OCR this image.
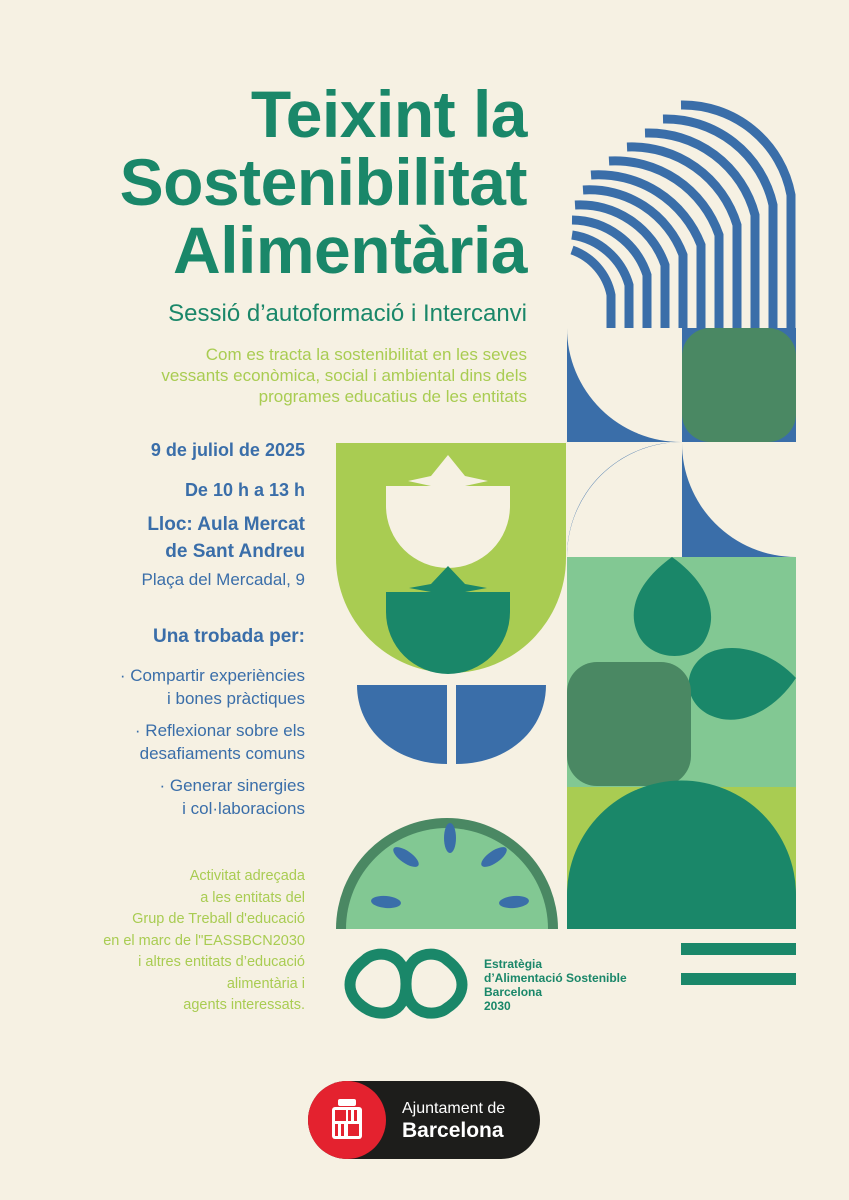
Teixint la
Sostenibilitat
Alimentària
Sessió d’autoformació i Intercanvi
Com es tracta la sostenibilitat en les seves
vessants econòmica, social i ambiental dins dels
programes educatius de les entitats
9 de juliol de 2025
De 10 h a 13 h
Lloc: Aula Mercat
de Sant Andreu
Plaça del Mercadal, 9
Una trobada per:
· Compartir experiències
i bones pràctiques
· Reflexionar sobre els
desafiaments comuns
· Generar sinergies
i col·laboracions
Activitat adreçada
a les entitats del
Grup de Treball d'educació
en el marc de l"EASSBCN2030
i altres entitats d’educació
alimentària i
agents interessats.
Estratègia
d’Alimentació Sostenible
Barcelona
2030
Ajuntament de
Barcelona
